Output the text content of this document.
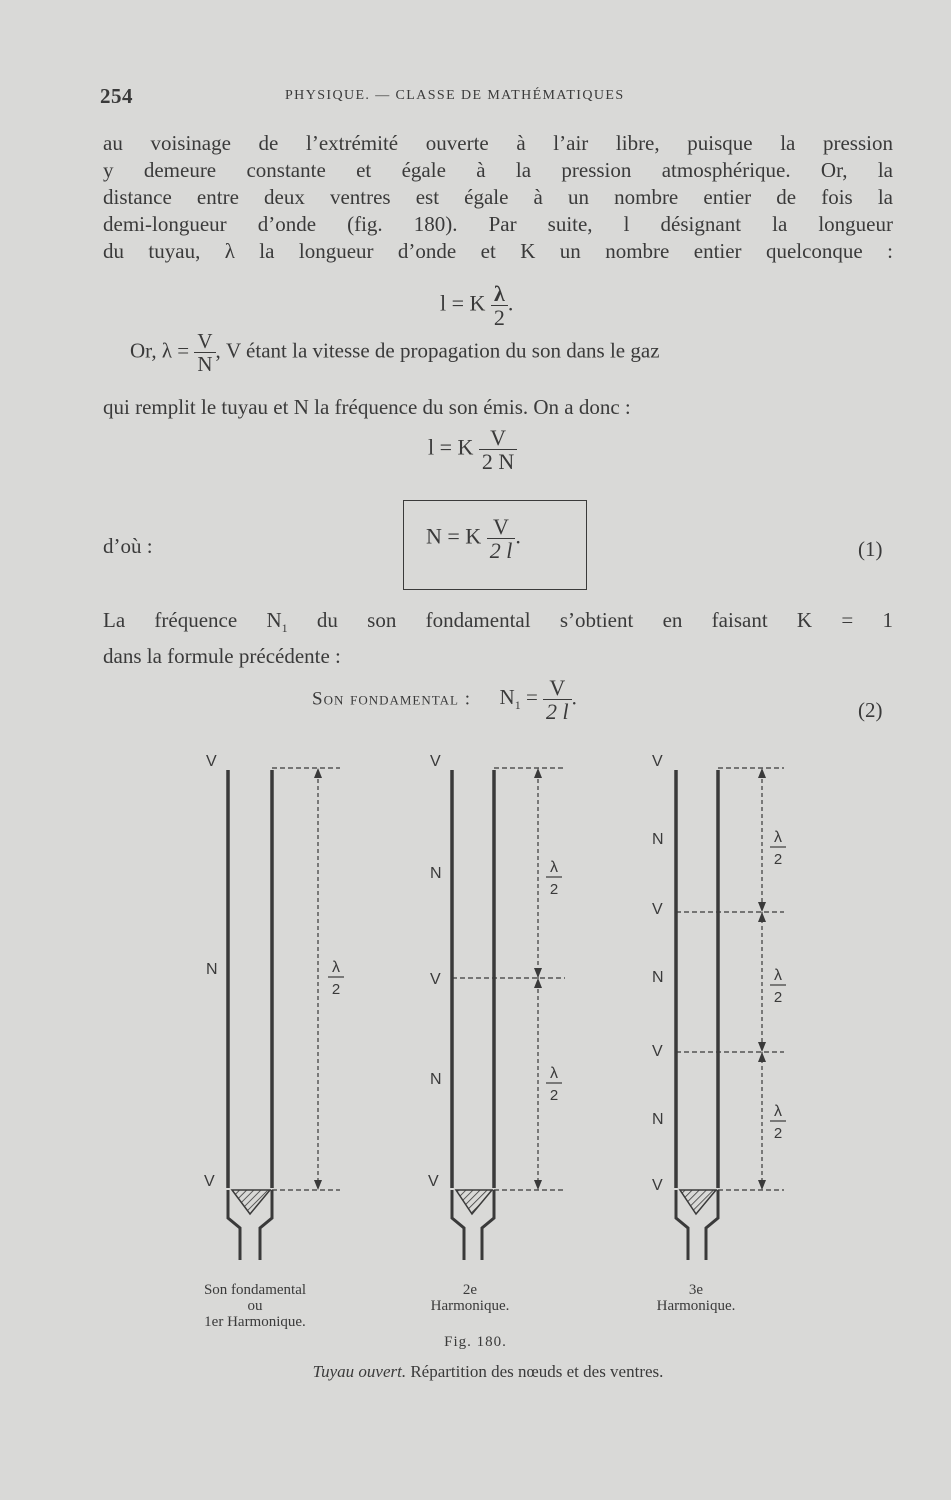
254	PHYSIQUE. — CLASSE DE MATHÉMATIQUES
au voisinage de l’extrémité ouverte à l’air libre, puisque la pression
y demeure constante et égale à la pression atmosphérique. Or, la
distance entre deux ventres est égale à un nombre entier de fois la
demi-longueur d’onde (fig. 180). Par suite, l désignant la longueur
du tuyau, λ la longueur d’onde et K un nombre entier quelconque :
l = K $\frac{\lambda}{2}$ .
Or, $\lambda = \frac{V}{N}$ , V étant la vitesse de propagation du son dans le gaz
qui remplit le tuyau et N la fréquence du son émis. On a donc :
l = K $\frac{V}{2 N}$
d’où :	N = K $\frac{V}{2 l}$ .
(1)
La fréquence $N_1$ du son fondamental s’obtient en faisant K = 1
dans la formule précédente :
Son fondamental : $N_1 = \frac{V}{2 l}$ .
(2)
V
N
V
λ
2
V
N
V
N
V
λ
2
λ
2
V
N
V
N
V
N
V
λ
2
λ
2
λ
2
Son fondamental
ou
1er Harmonique.
2e
Harmonique.
3e
Harmonique.
Fig. 180.
Tuyau ouvert. Répartition des nœuds et des ventres.
